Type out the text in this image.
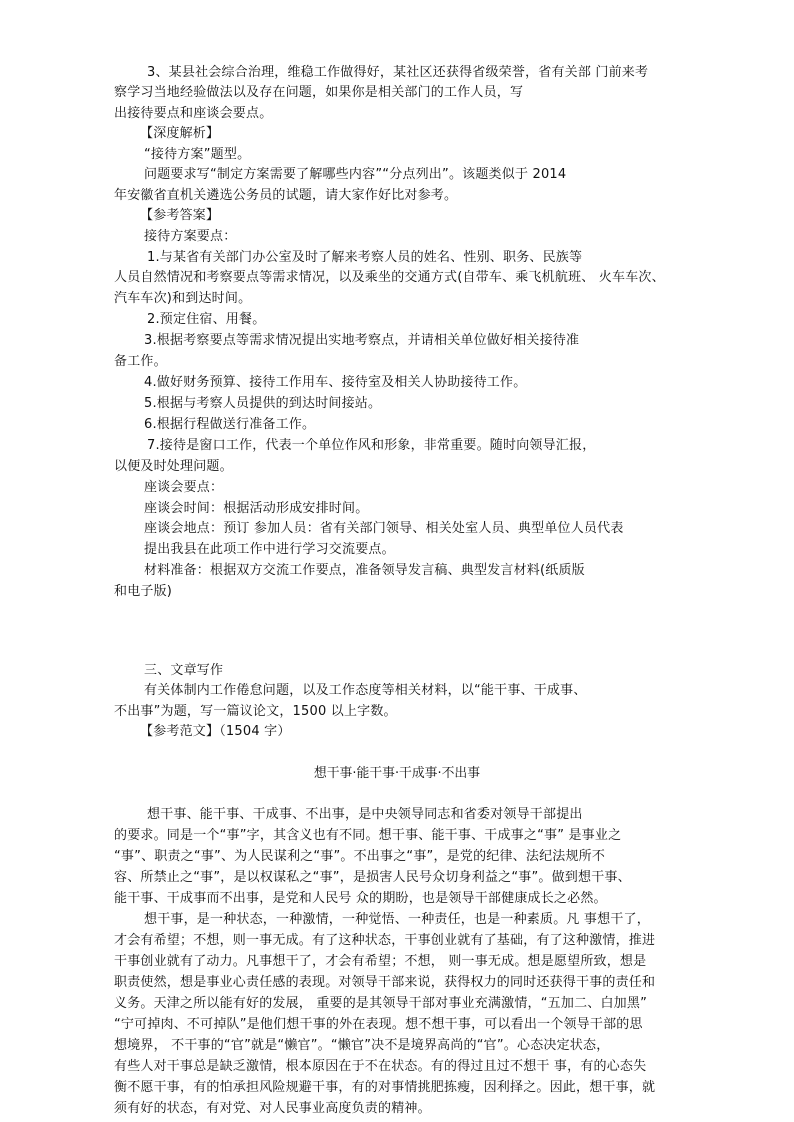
3、某县社会综合治理，维稳工作做得好，某社区还获得省级荣誉，省有关部 门前来考

察学习当地经验做法以及存在问题，如果你是相关部门的工作人员，写

出接待要点和座谈会要点。

【深度解析】

“接待方案”题型。

问题要求写“制定方案需要了解哪些内容”“分点列出”。该题类似于 2014

年安徽省直机关遴选公务员的试题，请大家作好比对参考。

【参考答案】

接待方案要点：

1.与某省有关部门办公室及时了解来考察人员的姓名、性别、职务、民族等

人员自然情况和考察要点等需求情况，以及乘坐的交通方式(自带车、乘飞机航班、 火车车次、

汽车车次)和到达时间。

2.预定住宿、用餐。

3.根据考察要点等需求情况提出实地考察点，并请相关单位做好相关接待准

备工作。

4.做好财务预算、接待工作用车、接待室及相关人协助接待工作。

5.根据与考察人员提供的到达时间接站。

6.根据行程做送行准备工作。

7.接待是窗口工作，代表一个单位作风和形象，非常重要。随时向领导汇报，

以便及时处理问题。

座谈会要点：

座谈会时间：根据活动形成安排时间。

座谈会地点：预订 参加人员：省有关部门领导、相关处室人员、典型单位人员代表

提出我县在此项工作中进行学习交流要点。

材料准备：根据双方交流工作要点，准备领导发言稿、典型发言材料(纸质版

和电子版)

三、文章写作

有关体制内工作倦怠问题，以及工作态度等相关材料，以“能干事、干成事、

不出事”为题，写一篇议论文，1500 以上字数。

【参考范文】（1504 字）

想干事·能干事·干成事·不出事

想干事、能干事、干成事、不出事，是中央领导同志和省委对领导干部提出

的要求。同是一个“事”字，其含义也有不同。想干事、能干事、干成事之“事” 是事业之

“事”、职责之“事”、为人民谋利之“事”。不出事之“事”，是党的纪律、法纪法规所不

容、所禁止之“事”，是以权谋私之“事”，是损害人民号众切身利益之“事”。做到想干事、

能干事、干成事而不出事，是党和人民号 众的期盼，也是领导干部健康成长之必然。

想干事，是一种状态，一种激情，一种觉悟、一种责任，也是一种素质。凡 事想干了，

才会有希望；不想，则一事无成。有了这种状态，干事创业就有了基础，有了这种激情，推进

干事创业就有了动力。凡事想干了，才会有希望；不想， 则一事无成。想是愿望所致，想是

职责使然，想是事业心责任感的表现。对领导干部来说，获得权力的同时还获得干事的责任和

义务。天津之所以能有好的发展， 重要的是其领导干部对事业充满激情，“五加二、白加黑”

“宁可掉肉、不可掉队”是他们想干事的外在表现。想不想干事，可以看出一个领导干部的思

想境界， 不干事的“官”就是“懒官”。“懒官”决不是境界高尚的“官”。心态决定状态，

有些人对干事总是缺乏激情，根本原因在于不在状态。有的得过且过不想干 事，有的心态失

衡不愿干事，有的怕承担风险规避干事，有的对事情挑肥拣瘦，因利择之。因此，想干事，就

须有好的状态，有对党、对人民事业高度负责的精神。
